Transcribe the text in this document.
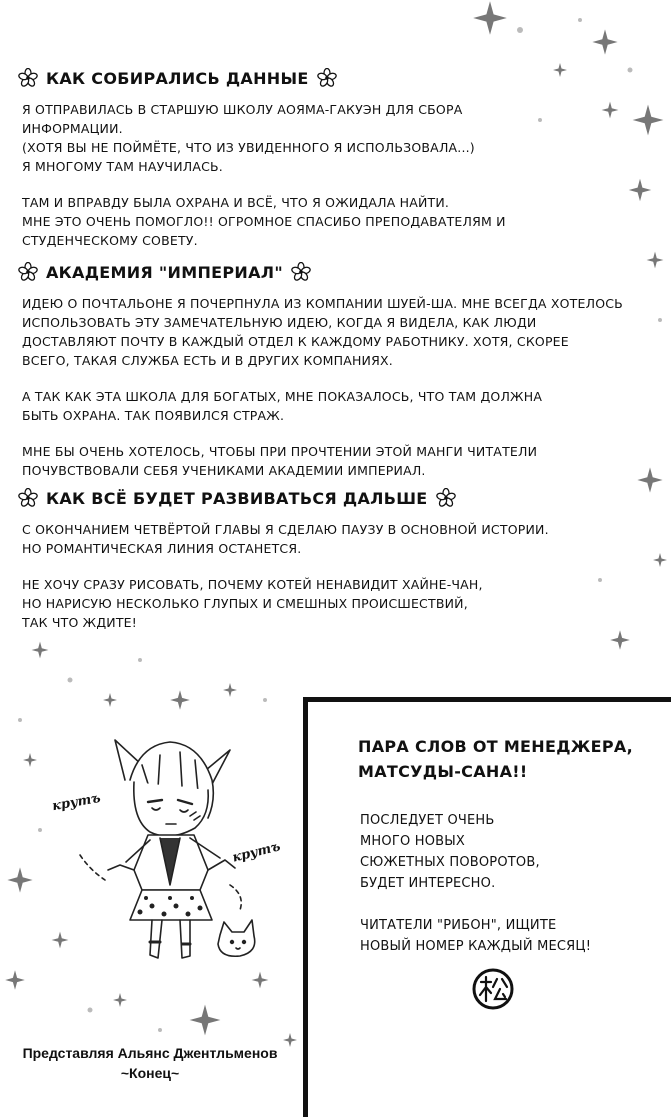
КАК СОБИРАЛИСЬ ДАННЫЕ

Я ОТПРАВИЛАСЬ В СТАРШУЮ ШКОЛУ АОЯМА-ГАКУЭН ДЛЯ СБОРА
ИНФОРМАЦИИ.
(ХОТЯ ВЫ НЕ ПОЙМЁТЕ, ЧТО ИЗ УВИДЕННОГО Я ИСПОЛЬЗОВАЛА...)
Я МНОГОМУ ТАМ НАУЧИЛАСЬ.

ТАМ И ВПРАВДУ БЫЛА ОХРАНА И ВСЁ, ЧТО Я ОЖИДАЛА НАЙТИ.
МНЕ ЭТО ОЧЕНЬ ПОМОГЛО!! ОГРОМНОЕ СПАСИБО ПРЕПОДАВАТЕЛЯМ И
СТУДЕНЧЕСКОМУ СОВЕТУ.

АКАДЕМИЯ "ИМПЕРИАЛ"

ИДЕЮ О ПОЧТАЛЬОНЕ Я ПОЧЕРПНУЛА ИЗ КОМПАНИИ ШУЕЙ-ША. МНЕ ВСЕГДА ХОТЕЛОСЬ
ИСПОЛЬЗОВАТЬ ЭТУ ЗАМЕЧАТЕЛЬНУЮ ИДЕЮ, КОГДА Я ВИДЕЛА, КАК ЛЮДИ
ДОСТАВЛЯЮТ ПОЧТУ В КАЖДЫЙ ОТДЕЛ К КАЖДОМУ РАБОТНИКУ. ХОТЯ, СКОРЕЕ
ВСЕГО, ТАКАЯ СЛУЖБА ЕСТЬ И В ДРУГИХ КОМПАНИЯХ.

А ТАК КАК ЭТА ШКОЛА ДЛЯ БОГАТЫХ, МНЕ ПОКАЗАЛОСЬ, ЧТО ТАМ ДОЛЖНА
БЫТЬ ОХРАНА. ТАК ПОЯВИЛСЯ СТРАЖ.

МНЕ БЫ ОЧЕНЬ ХОТЕЛОСЬ, ЧТОБЫ ПРИ ПРОЧТЕНИИ ЭТОЙ МАНГИ ЧИТАТЕЛИ
ПОЧУВСТВОВАЛИ СЕБЯ УЧЕНИКАМИ АКАДЕМИИ ИМПЕРИАЛ.

КАК ВСЁ БУДЕТ РАЗВИВАТЬСЯ ДАЛЬШЕ

С ОКОНЧАНИЕМ ЧЕТВЁРТОЙ ГЛАВЫ Я СДЕЛАЮ ПАУЗУ В ОСНОВНОЙ ИСТОРИИ.
НО РОМАНТИЧЕСКАЯ ЛИНИЯ ОСТАНЕТСЯ.

НЕ ХОЧУ СРАЗУ РИСОВАТЬ, ПОЧЕМУ КОТЕЙ НЕНАВИДИТ ХАЙНЕ-ЧАН,
НО НАРИСУЮ НЕСКОЛЬКО ГЛУПЫХ И СМЕШНЫХ ПРОИСШЕСТВИЙ,
ТАК ЧТО ЖДИТЕ!

крутъ
крутъ
ПАРА СЛОВ ОТ МЕНЕДЖЕРА,
МАТСУДЫ-САНА!!
ПОСЛЕДУЕТ ОЧЕНЬ
МНОГО НОВЫХ
СЮЖЕТНЫХ ПОВОРОТОВ,
БУДЕТ ИНТЕРЕСНО.

ЧИТАТЕЛИ "РИБОН", ИЩИТЕ
НОВЫЙ НОМЕР КАЖДЫЙ МЕСЯЦ!
Представляя Альянс Джентльменов
~Конец~
